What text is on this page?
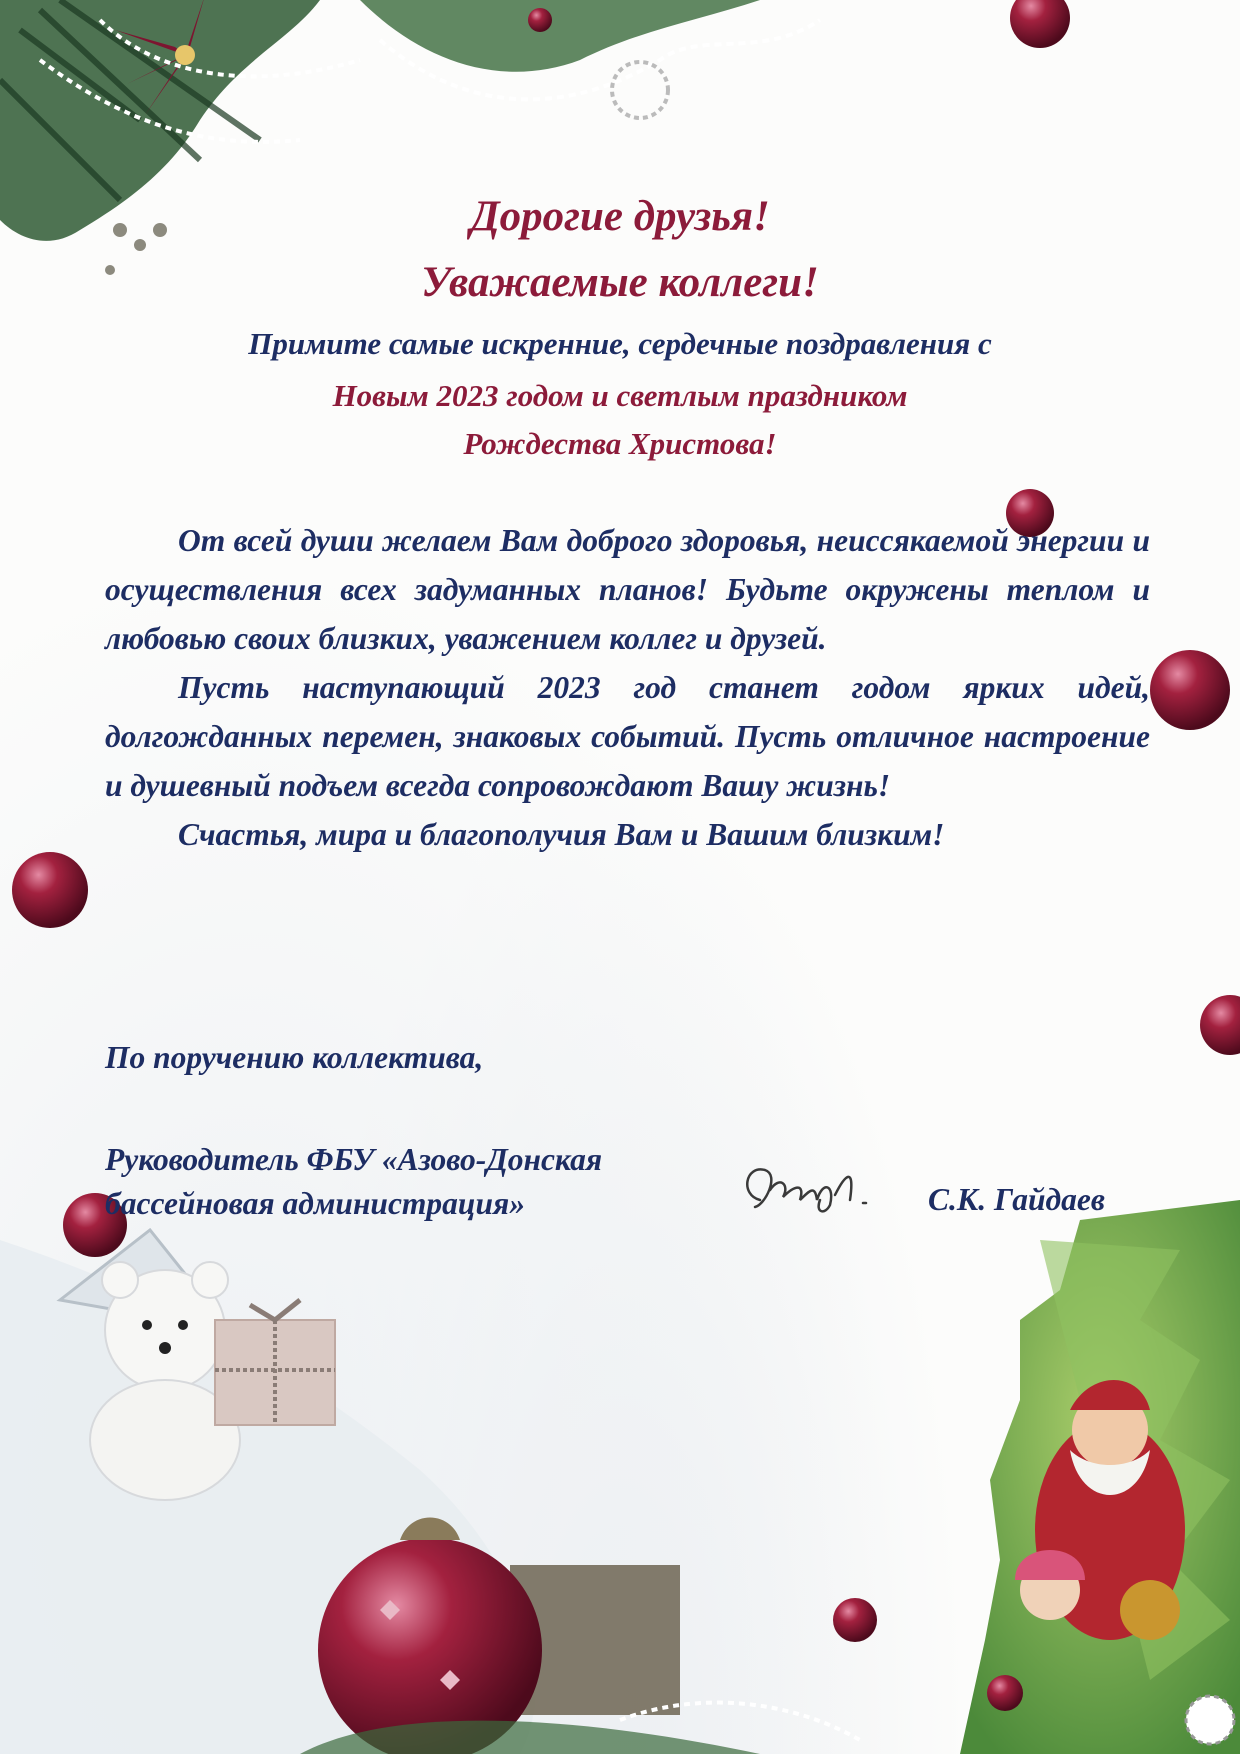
Дорогие друзья!
Уважаемые коллеги!
Примите самые искренние, сердечные поздравления с
Новым 2023 годом и светлым праздником
Рождества Христова!

От всей души желаем Вам доброго здоровья, неиссякаемой энергии и осуществления всех задуманных планов! Будьте окружены теплом и любовью своих близких, уважением коллег и друзей.

Пусть наступающий 2023 год станет годом ярких идей, долгожданных перемен, знаковых событий. Пусть отличное настроение и душевный подъем всегда сопровождают Вашу жизнь!

Счастья, мира и благополучия Вам и Вашим близким!

По поручению коллектива,
Руководитель ФБУ «Азово-Донская
бассейновая администрация»	С.К. Гайдаев
